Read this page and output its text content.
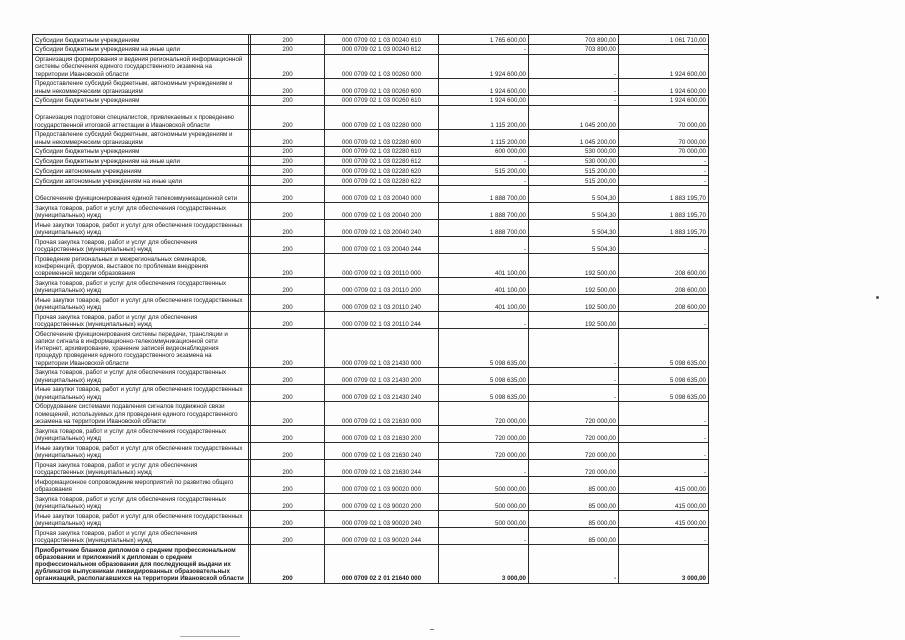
Субсидии бюджетным учреждениям		200	000 0709 02 1 03 00240 610	1 765 600,00	703 890,00	1 061 710,00
Субсидии бюджетным учреждениям на иные цели		200	000 0709 02 1 03 00240 612	-	703 890,00	-
Организация формирования и ведения региональной информационной системы обеспечения единого государственного экзамена на территории Ивановской области		200	000 0709 02 1 03 00260 000	1 924 600,00	-	1 924 600,00
Предоставление субсидий бюджетным, автономным учреждениям и иным некоммерческим организациям		200	000 0709 02 1 03 00260 600	1 924 600,00	-	1 924 600,00
Субсидии бюджетным учреждениям		200	000 0709 02 1 03 00260 610	1 924 600,00	-	1 924 600,00
Организация подготовки специалистов, привлекаемых к проведению государственной итоговой аттестации в Ивановской области		200	000 0709 02 1 03 02280 000	1 115 200,00	1 045 200,00	70 000,00
Предоставление субсидий бюджетным, автономным учреждениям и иным некоммерческим организациям		200	000 0709 02 1 03 02280 600	1 115 200,00	1 045 200,00	70 000,00
Субсидии бюджетным учреждениям		200	000 0709 02 1 03 02280 610	600 000,00	530 000,00	70 000,00
Субсидии бюджетным учреждениям на иные цели		200	000 0709 02 1 03 02280 612	-	530 000,00	-
Субсидии автономным учреждениям		200	000 0709 02 1 03 02280 620	515 200,00	515 200,00	-
Субсидии автономным учреждениям на иные цели		200	000 0709 02 1 03 02280 622	-	515 200,00	-
Обеспечение функционирования единой телекоммуникационной сети		200	000 0709 02 1 03 20040 000	1 888 700,00	5 504,30	1 883 195,70
Закупка товаров, работ и услуг для обеспечения государственных (муниципальных) нужд		200	000 0709 02 1 03 20040 200	1 888 700,00	5 504,30	1 883 195,70
Иные закупки товаров, работ и услуг для обеспечения государственных (муниципальных) нужд		200	000 0709 02 1 03 20040 240	1 888 700,00	5 504,30	1 883 195,70
Прочая закупка товаров, работ и услуг для обеспечения государственных (муниципальных) нужд		200	000 0709 02 1 03 20040 244	-	5 504,30	-
Проведение региональных и межрегиональных семинаров, конференций, форумов, выставок по проблемам внедрения современной модели образования		200	000 0709 02 1 03 20110 000	401 100,00	192 500,00	208 600,00
Закупка товаров, работ и услуг для обеспечения государственных (муниципальных) нужд		200	000 0709 02 1 03 20110 200	401 100,00	192 500,00	208 600,00
Иные закупки товаров, работ и услуг для обеспечения государственных (муниципальных) нужд		200	000 0709 02 1 03 20110 240	401 100,00	192 500,00	208 600,00
Прочая закупка товаров, работ и услуг для обеспечения государственных (муниципальных) нужд		200	000 0709 02 1 03 20110 244	-	192 500,00	-
Обеспечение функционирования системы передачи, трансляции и записи сигнала в информационно-телекоммуникационной сети Интернет, архивирование, хранение записей видеонаблюдения процедур проведения единого государственного экзамена на территории Ивановской области		200	000 0709 02 1 03 21430 000	5 098 635,00	-	5 098 635,00
Закупка товаров, работ и услуг для обеспечения государственных (муниципальных) нужд		200	000 0709 02 1 03 21430 200	5 098 635,00	-	5 098 635,00
Иные закупки товаров, работ и услуг для обеспечения государственных (муниципальных) нужд		200	000 0709 02 1 03 21430 240	5 098 635,00	-	5 098 635,00
Оборудование системами подавления сигналов подвижной связи помещений, используемых для проведения единого государственного экзамена на территории Ивановской области		200	000 0709 02 1 03 21630 000	720 000,00	720 000,00	-
Закупка товаров, работ и услуг для обеспечения государственных (муниципальных) нужд		200	000 0709 02 1 03 21630 200	720 000,00	720 000,00	-
Иные закупки товаров, работ и услуг для обеспечения государственных (муниципальных) нужд		200	000 0709 02 1 03 21630 240	720 000,00	720 000,00	-
Прочая закупка товаров, работ и услуг для обеспечения государственных (муниципальных) нужд		200	000 0709 02 1 03 21630 244	-	720 000,00	-
Информационное сопровождение мероприятий по развитию общего образования		200	000 0709 02 1 03 90020 000	500 000,00	85 000,00	415 000,00
Закупка товаров, работ и услуг для обеспечения государственных (муниципальных) нужд		200	000 0709 02 1 03 90020 200	500 000,00	85 000,00	415 000,00
Иные закупки товаров, работ и услуг для обеспечения государственных (муниципальных) нужд		200	000 0709 02 1 03 90020 240	500 000,00	85 000,00	415 000,00
Прочая закупка товаров, работ и услуг для обеспечения государственных (муниципальных) нужд		200	000 0709 02 1 03 90020 244	-	85 000,00	-
Приобретение бланков дипломов о среднем профессиональном образовании и приложений к дипломам о среднем профессиональном образовании для последующей выдачи их дубликатов выпускникам ликвидированных образовательных организаций, располагавшихся на территории Ивановской области		200	000 0709 02 2 01 21640 000	3 000,00	-	3 000,00
